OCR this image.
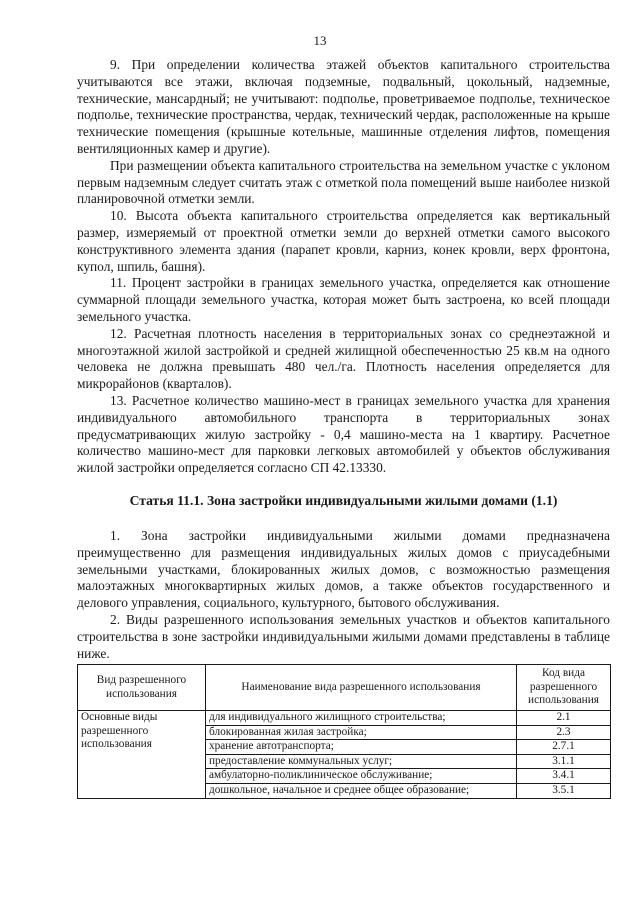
13

9. При определении количества этажей объектов капитального строительства учитываются все этажи, включая подземные, подвальный, цокольный, надземные, технические, мансардный; не учитывают: подполье, проветриваемое подполье, техническое подполье, технические пространства, чердак, технический чердак, расположенные на крыше технические помещения (крышные котельные, машинные отделения лифтов, помещения вентиляционных камер и другие).

При размещении объекта капитального строительства на земельном участке с уклоном первым надземным следует считать этаж с отметкой пола помещений выше наиболее низкой планировочной отметки земли.

10. Высота объекта капитального строительства определяется как вертикальный размер, измеряемый от проектной отметки земли до верхней отметки самого высокого конструктивного элемента здания (парапет кровли, карниз, конек кровли, верх фронтона, купол, шпиль, башня).

11. Процент застройки в границах земельного участка, определяется как отношение суммарной площади земельного участка, которая может быть застроена, ко всей площади земельного участка.

12. Расчетная плотность населения в территориальных зонах со среднеэтажной и многоэтажной жилой застройкой и средней жилищной обеспеченностью 25 кв.м на одного человека не должна превышать 480 чел./га. Плотность населения определяется для микрорайонов (кварталов).

13. Расчетное количество машино-мест в границах земельного участка для хранения индивидуального автомобильного транспорта в территориальных зонах предусматривающих жилую застройку - 0,4 машино-места на 1 квартиру. Расчетное количество машино-мест для парковки легковых автомобилей у объектов обслуживания жилой застройки определяется согласно СП 42.13330.

Статья 11.1. Зона застройки индивидуальными жилыми домами (1.1)

1. Зона застройки индивидуальными жилыми домами предназначена преимущественно для размещения индивидуальных жилых домов с приусадебными земельными участками, блокированных жилых домов, с возможностью размещения малоэтажных многоквартирных жилых домов, а также объектов государственного и делового управления, социального, культурного, бытового обслуживания.

2. Виды разрешенного использования земельных участков и объектов капитального строительства в зоне застройки индивидуальными жилыми домами представлены в таблице ниже.

Вид разрешенного использования	Наименование вида разрешенного использования	Код вида разрешенного использования
Основные виды разрешенного использования	для индивидуального жилищного строительства;	2.1
	блокированная жилая застройка;	2.3
	хранение автотранспорта;	2.7.1
	предоставление коммунальных услуг;	3.1.1
	амбулаторно-поликлиническое обслуживание;	3.4.1
	дошкольное, начальное и среднее общее образование;	3.5.1
